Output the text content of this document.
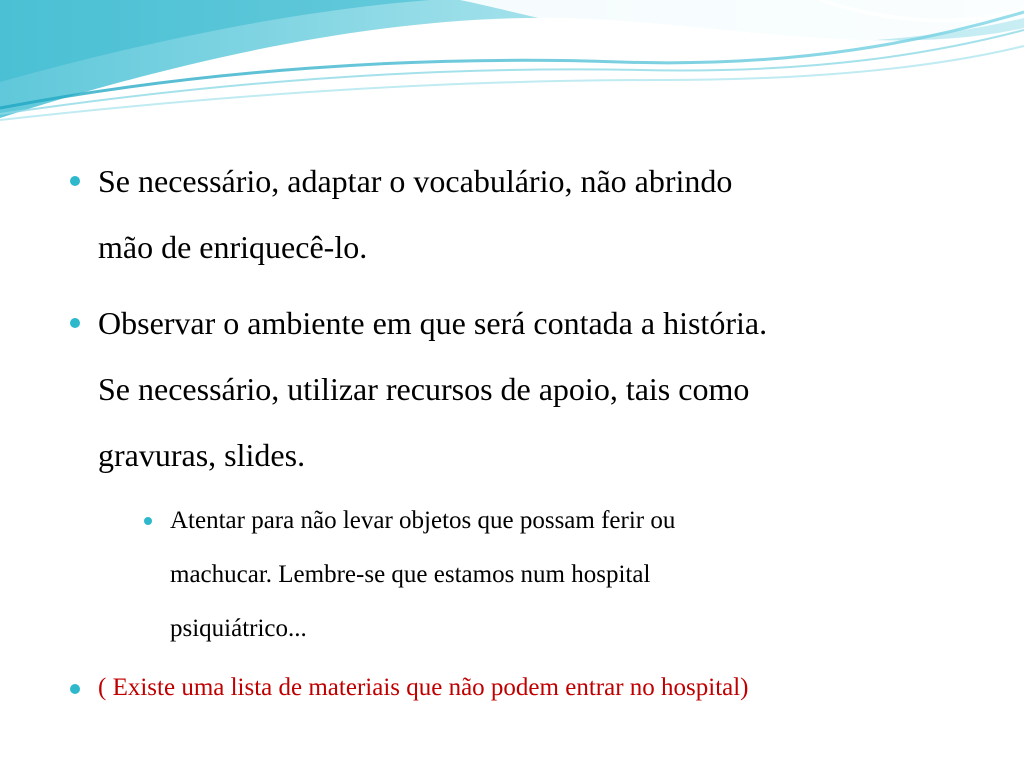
Se necessário, adaptar o vocabulário, não abrindo
mão de enriquecê-lo.
Observar o ambiente em que será contada a história.
Se necessário, utilizar recursos de apoio, tais como
gravuras, slides.
Atentar para não levar objetos que possam ferir ou
machucar. Lembre-se que estamos num hospital
psiquiátrico...
( Existe uma lista de materiais que não podem entrar no hospital)
